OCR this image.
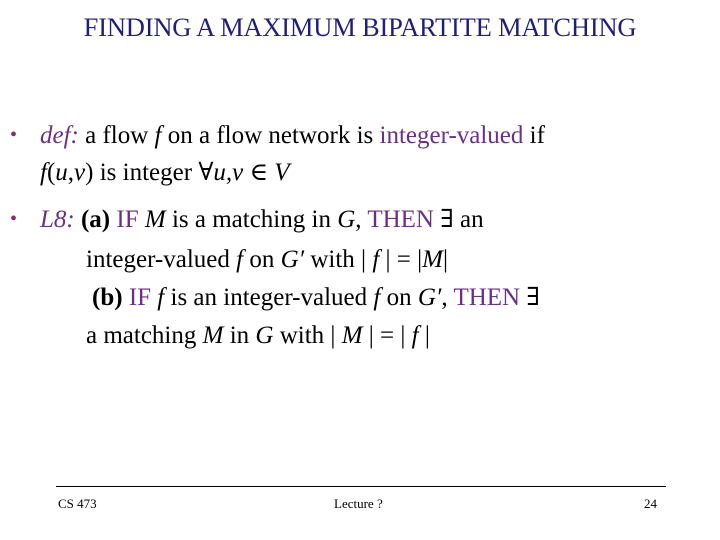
FINDING A MAXIMUM BIPARTITE MATCHING
• def: a flow f on a flow network is integer-valued if
f(u,v) is integer ∀u,v ∈ V
• L8: (a) IF M is a matching in G, THEN ∃ an
integer-valued f on G′ with | f | = |M|
(b) IF f is an integer-valued f on G′, THEN ∃
a matching M in G with | M | = | f |
CS 473	Lecture ?	24
